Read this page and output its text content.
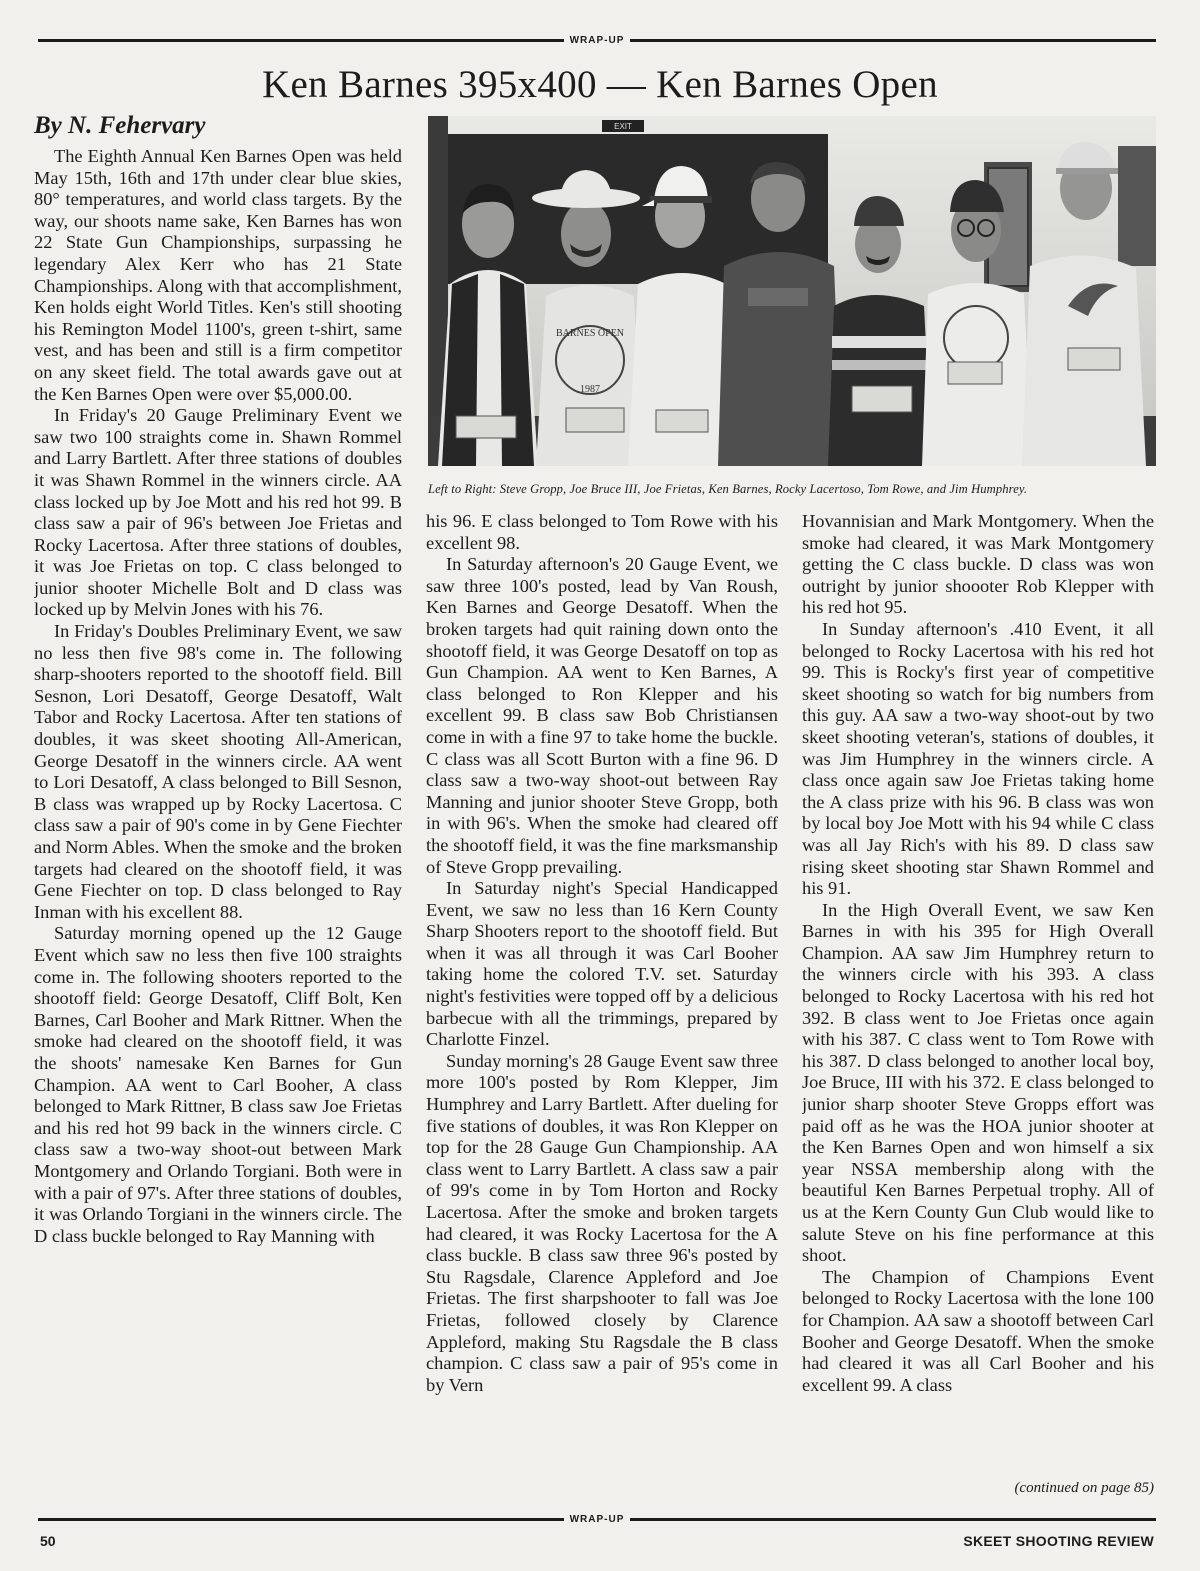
WRAP-UP
Ken Barnes 395x400 — Ken Barnes Open
By N. Fehervary

The Eighth Annual Ken Barnes Open was held May 15th, 16th and 17th under clear blue skies, 80° temperatures, and world class targets. By the way, our shoots name sake, Ken Barnes has won 22 State Gun Championships, surpassing he legendary Alex Kerr who has 21 State Championships. Along with that accomplishment, Ken holds eight World Titles. Ken's still shooting his Remington Model 1100's, green t-shirt, same vest, and has been and still is a firm competitor on any skeet field. The total awards gave out at the Ken Barnes Open were over $5,000.00.

In Friday's 20 Gauge Preliminary Event we saw two 100 straights come in. Shawn Rommel and Larry Bartlett. After three stations of doubles it was Shawn Rommel in the winners circle. AA class locked up by Joe Mott and his red hot 99. B class saw a pair of 96's between Joe Frietas and Rocky Lacertosa. After three stations of doubles, it was Joe Frietas on top. C class belonged to junior shooter Michelle Bolt and D class was locked up by Melvin Jones with his 76.

In Friday's Doubles Preliminary Event, we saw no less then five 98's come in. The following sharp-shooters reported to the shootoff field. Bill Sesnon, Lori Desatoff, George Desatoff, Walt Tabor and Rocky Lacertosa. After ten stations of doubles, it was skeet shooting All-American, George Desatoff in the winners circle. AA went to Lori Desatoff, A class belonged to Bill Sesnon, B class was wrapped up by Rocky Lacertosa. C class saw a pair of 90's come in by Gene Fiechter and Norm Ables. When the smoke and the broken targets had cleared on the shootoff field, it was Gene Fiechter on top. D class belonged to Ray Inman with his excellent 88.

Saturday morning opened up the 12 Gauge Event which saw no less then five 100 straights come in. The following shooters reported to the shootoff field: George Desatoff, Cliff Bolt, Ken Barnes, Carl Booher and Mark Rittner. When the smoke had cleared on the shootoff field, it was the shoots' namesake Ken Barnes for Gun Champion. AA went to Carl Booher, A class belonged to Mark Rittner, B class saw Joe Frietas and his red hot 99 back in the winners circle. C class saw a two-way shoot-out between Mark Montgomery and Orlando Torgiani. Both were in with a pair of 97's. After three stations of doubles, it was Orlando Torgiani in the winners circle. The D class buckle belonged to Ray Manning with

EXIT
BARNES OPEN
1987
Left to Right: Steve Gropp, Joe Bruce III, Joe Frietas, Ken Barnes, Rocky Lacertoso, Tom Rowe, and Jim Humphrey.

his 96. E class belonged to Tom Rowe with his excellent 98.

In Saturday afternoon's 20 Gauge Event, we saw three 100's posted, lead by Van Roush, Ken Barnes and George Desatoff. When the broken targets had quit raining down onto the shootoff field, it was George Desatoff on top as Gun Champion. AA went to Ken Barnes, A class belonged to Ron Klepper and his excellent 99. B class saw Bob Christiansen come in with a fine 97 to take home the buckle. C class was all Scott Burton with a fine 96. D class saw a two-way shoot-out between Ray Manning and junior shooter Steve Gropp, both in with 96's. When the smoke had cleared off the shootoff field, it was the fine marksmanship of Steve Gropp prevailing.

In Saturday night's Special Handicapped Event, we saw no less than 16 Kern County Sharp Shooters report to the shootoff field. But when it was all through it was Carl Booher taking home the colored T.V. set. Saturday night's festivities were topped off by a delicious barbecue with all the trimmings, prepared by Charlotte Finzel.

Sunday morning's 28 Gauge Event saw three more 100's posted by Rom Klepper, Jim Humphrey and Larry Bartlett. After dueling for five stations of doubles, it was Ron Klepper on top for the 28 Gauge Gun Championship. AA class went to Larry Bartlett. A class saw a pair of 99's come in by Tom Horton and Rocky Lacertosa. After the smoke and broken targets had cleared, it was Rocky Lacertosa for the A class buckle. B class saw three 96's posted by Stu Ragsdale, Clarence Appleford and Joe Frietas. The first sharpshooter to fall was Joe Frietas, followed closely by Clarence Appleford, making Stu Ragsdale the B class champion. C class saw a pair of 95's come in by Vern

Hovannisian and Mark Montgomery. When the smoke had cleared, it was Mark Montgomery getting the C class buckle. D class was won outright by junior shoooter Rob Klepper with his red hot 95.

In Sunday afternoon's .410 Event, it all belonged to Rocky Lacertosa with his red hot 99. This is Rocky's first year of competitive skeet shooting so watch for big numbers from this guy. AA saw a two-way shoot-out by two skeet shooting veteran's, stations of doubles, it was Jim Humphrey in the winners circle. A class once again saw Joe Frietas taking home the A class prize with his 96. B class was won by local boy Joe Mott with his 94 while C class was all Jay Rich's with his 89. D class saw rising skeet shooting star Shawn Rommel and his 91.

In the High Overall Event, we saw Ken Barnes in with his 395 for High Overall Champion. AA saw Jim Humphrey return to the winners circle with his 393. A class belonged to Rocky Lacertosa with his red hot 392. B class went to Joe Frietas once again with his 387. C class went to Tom Rowe with his 387. D class belonged to another local boy, Joe Bruce, III with his 372. E class belonged to junior sharp shooter Steve Gropps effort was paid off as he was the HOA junior shooter at the Ken Barnes Open and won himself a six year NSSA membership along with the beautiful Ken Barnes Perpetual trophy. All of us at the Kern County Gun Club would like to salute Steve on his fine performance at this shoot.

The Champion of Champions Event belonged to Rocky Lacertosa with the lone 100 for Champion. AA saw a shootoff between Carl Booher and George Desatoff. When the smoke had cleared it was all Carl Booher and his excellent 99. A class

(continued on page 85)
WRAP-UP
50	SKEET SHOOTING REVIEW
